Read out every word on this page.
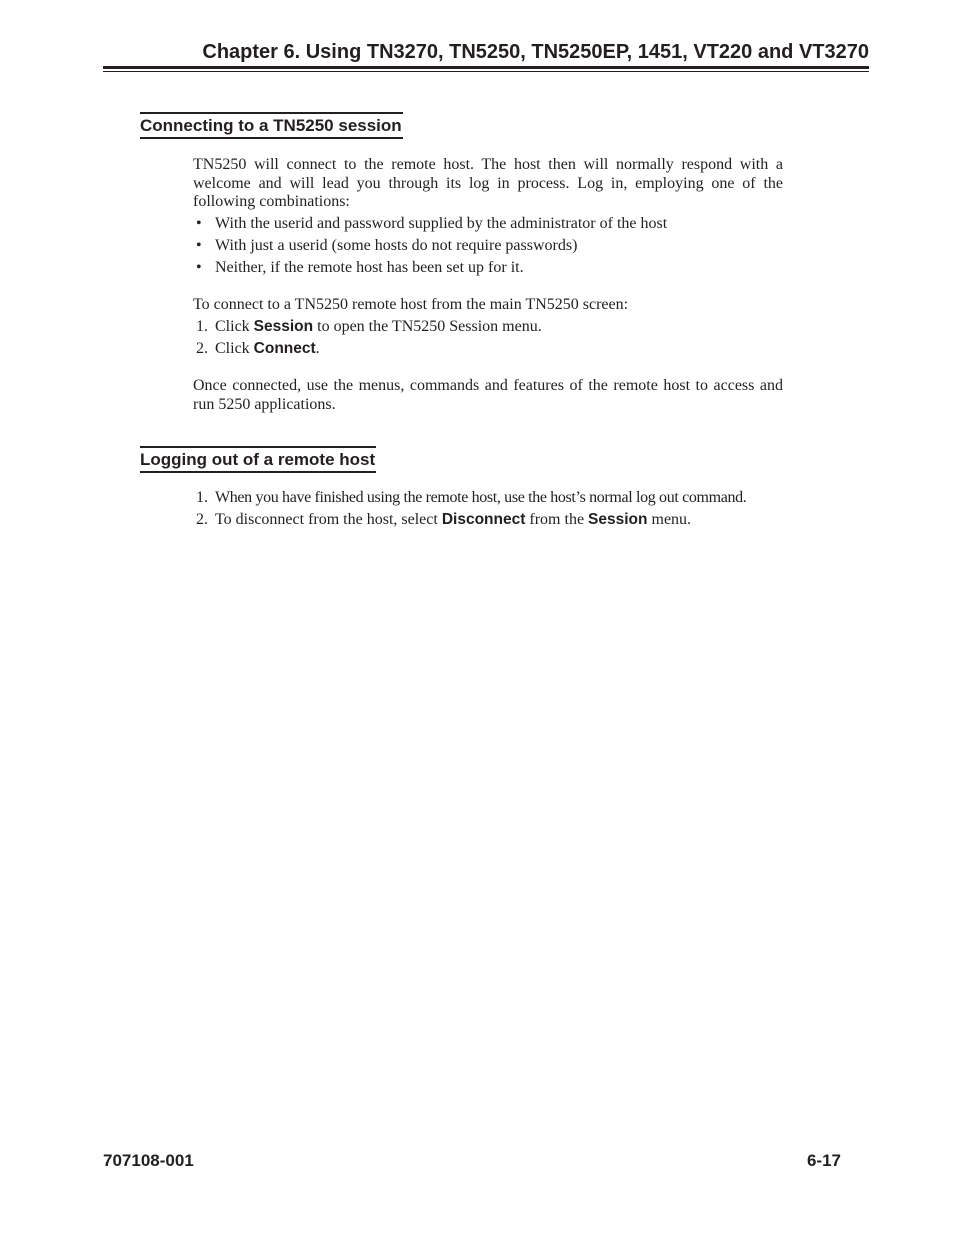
Chapter 6. Using TN3270, TN5250, TN5250EP, 1451, VT220 and VT3270
Connecting to a TN5250 session
TN5250 will connect to the remote host. The host then will normally respond with a welcome and will lead you through its log in process. Log in, employing one of the following combinations:
• With the userid and password supplied by the administrator of the host
• With just a userid (some hosts do not require passwords)
• Neither, if the remote host has been set up for it.
To connect to a TN5250 remote host from the main TN5250 screen:
1. Click Session to open the TN5250 Session menu.
2. Click Connect.
Once connected, use the menus, commands and features of the remote host to access and run 5250 applications.
Logging out of a remote host
1. When you have finished using the remote host, use the host’s normal log out command.
2. To disconnect from the host, select Disconnect from the Session menu.
707108-001	6-17
